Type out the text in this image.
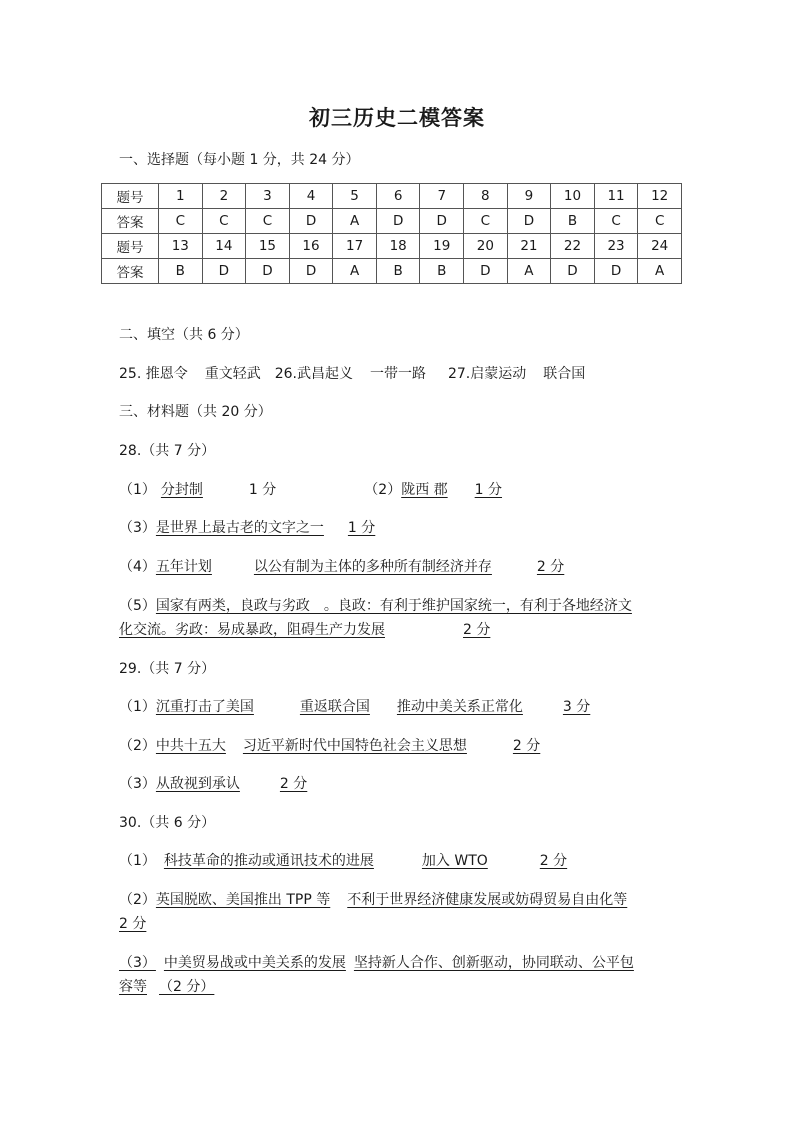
初三历史二模答案
一、选择题（每小题 1 分，共 24 分）
题号	1	2	3	4	5	6	7	8	9	10	11	12
答案	C	C	C	D	A	D	D	C	D	B	C	C
题号	13	14	15	16	17	18	19	20	21	22	23	24
答案	B	D	D	D	A	B	B	D	A	D	D	A
二、填空（共 6 分）
25. 推恩令 重文轻武 26.武昌起义 一带一路 27.启蒙运动 联合国
三、材料题（共 20 分）
28.（共 7 分）
（1） 分封制	1 分	（2）陇西 郡 1 分
（3）是世界上最古老的文字之一 1 分
（4）五年计划	以公有制为主体的多种所有制经济并存	2 分
（5）国家有两类，良政与劣政　。良政：有利于维护国家统一，有利于各地经济文
化交流。劣政：易成暴政，阻碍生产力发展	2 分
29.（共 7 分）
（1）沉重打击了美国	重返联合国 推动中美关系正常化	3 分
（2）中共十五大 习近平新时代中国特色社会主义思想	2 分
（3）从敌视到承认	2 分
30.（共 6 分）
（1） 科技革命的推动或通讯技术的进展	加入 WTO	2 分
（2）英国脱欧、美国推出 TPP 等 不利于世界经济健康发展或妨碍贸易自由化等
2 分
（3） 中美贸易战或中美关系的发展 坚持新人合作、创新驱动，协同联动、公平包
容等 （2 分）
